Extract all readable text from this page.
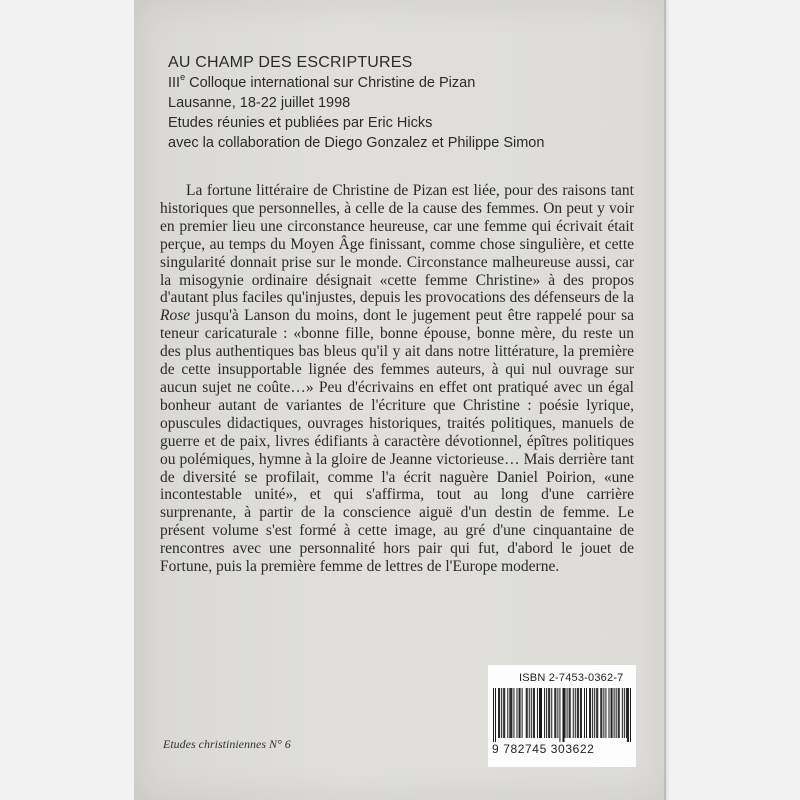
AU CHAMP DES ESCRIPTURES

IIIe Colloque international sur Christine de Pizan

Lausanne, 18-22 juillet 1998

Etudes réunies et publiées par Eric Hicks

avec la collaboration de Diego Gonzalez et Philippe Simon

La fortune littéraire de Christine de Pizan est liée, pour des raisons tant historiques que personnelles, à celle de la cause des femmes. On peut y voir en premier lieu une circonstance heureuse, car une femme qui écrivait était perçue, au temps du Moyen Âge finissant, comme chose singulière, et cette singularité donnait prise sur le monde. Circonstance malheureuse aussi, car la misogynie ordinaire désignait «cette femme Christine» à des propos d'autant plus faciles qu'injustes, depuis les provocations des défenseurs de la Rose jusqu'à Lanson du moins, dont le jugement peut être rappelé pour sa teneur caricaturale : «bonne fille, bonne épouse, bonne mère, du reste un des plus authentiques bas bleus qu'il y ait dans notre littérature, la première de cette insupportable lignée des femmes auteurs, à qui nul ouvrage sur aucun sujet ne coûte…» Peu d'écrivains en effet ont pratiqué avec un égal bonheur autant de variantes de l'écriture que Christine : poésie lyrique, opuscules didactiques, ouvrages historiques, traités politiques, manuels de guerre et de paix, livres édifiants à caractère dévotionnel, épîtres politiques ou polémiques, hymne à la gloire de Jeanne victorieuse… Mais derrière tant de diversité se profilait, comme l'a écrit naguère Daniel Poirion, «une incontestable unité», et qui s'affirma, tout au long d'une carrière surprenante, à partir de la conscience aiguë d'un destin de femme. Le présent volume s'est formé à cette image, au gré d'une cinquantaine de rencontres avec une personnalité hors pair qui fut, d'abord le jouet de Fortune, puis la première femme de lettres de l'Europe moderne.

Etudes christiniennes N° 6
ISBN 2-7453-0362-7
9 782745 303622
